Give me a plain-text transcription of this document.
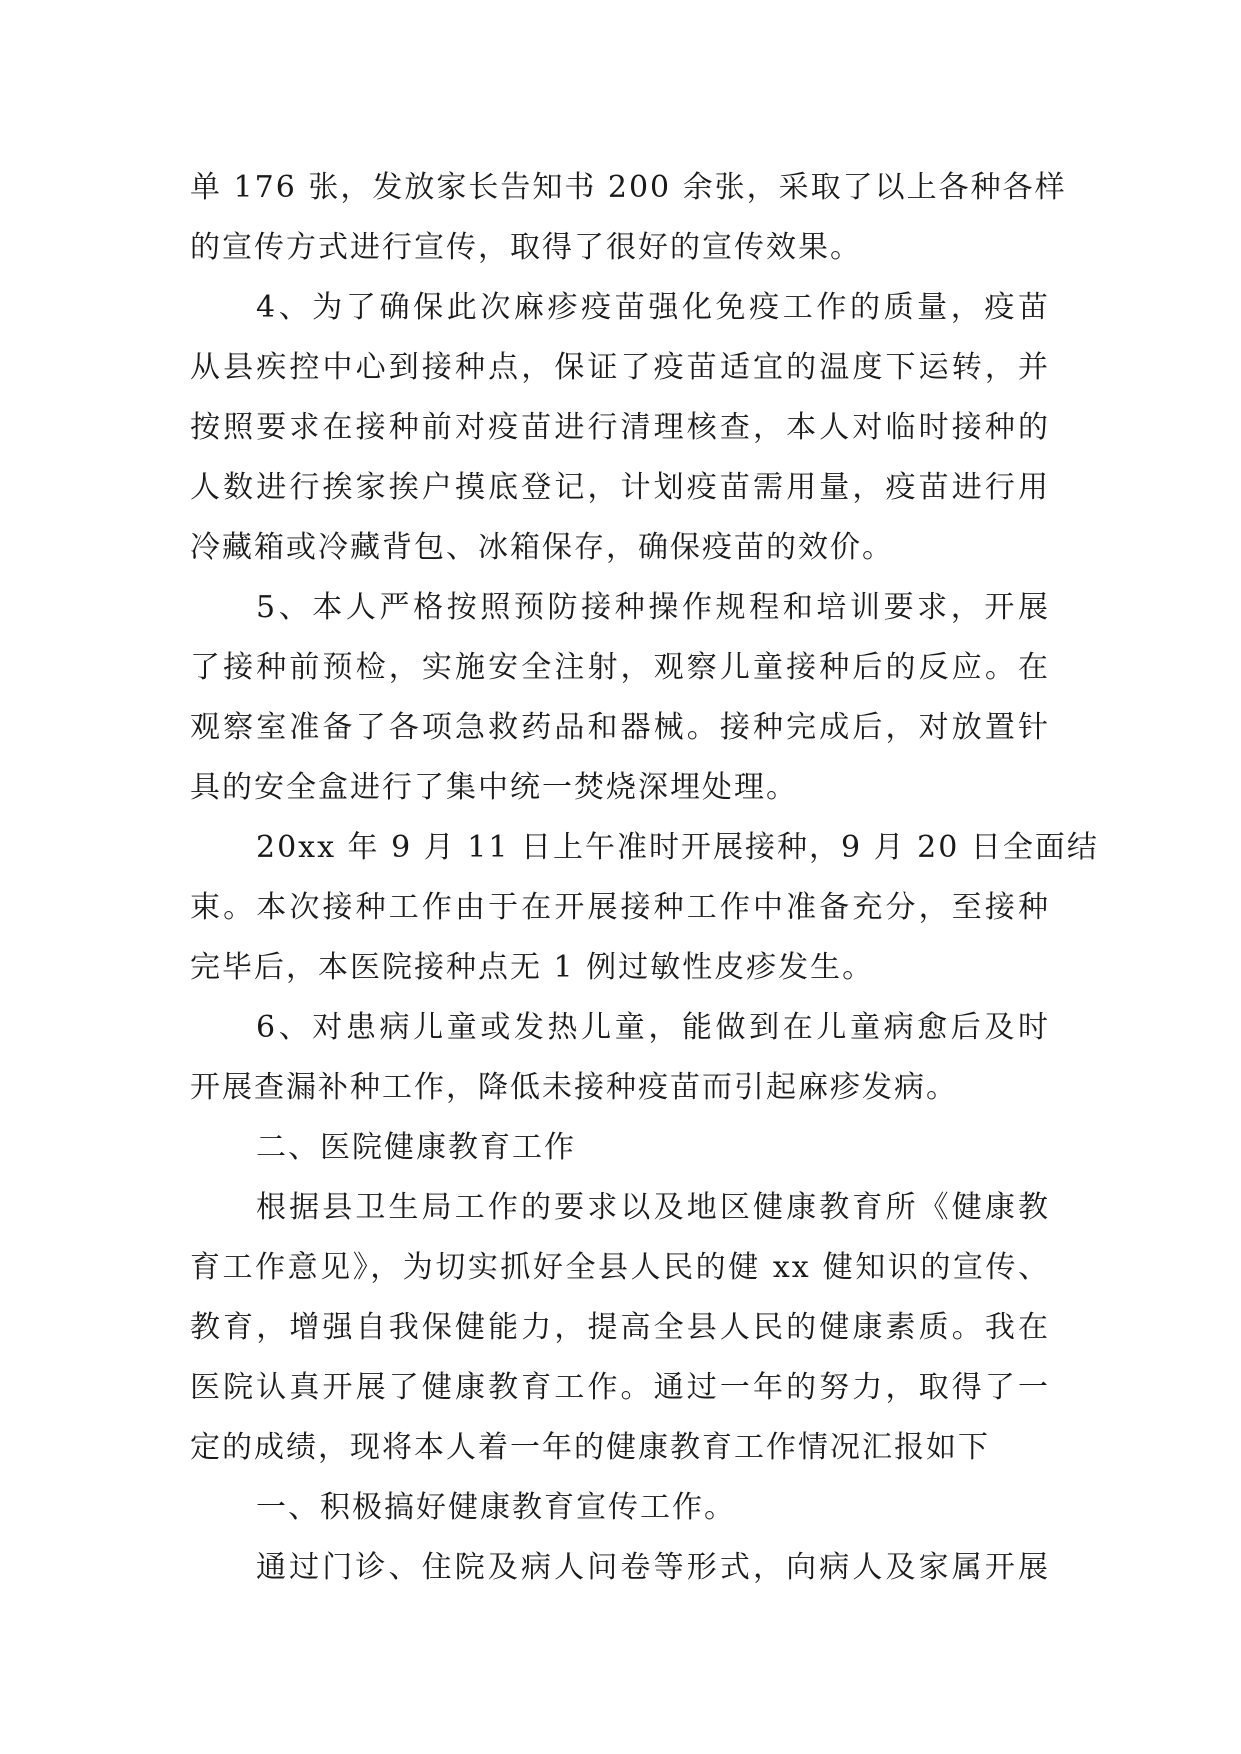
单 176 张，发放家长告知书 200 余张，采取了以上各种各样
的宣传方式进行宣传，取得了很好的宣传效果。
4、为了确保此次麻疹疫苗强化免疫工作的质量，疫苗
从县疾控中心到接种点，保证了疫苗适宜的温度下运转，并
按照要求在接种前对疫苗进行清理核查，本人对临时接种的
人数进行挨家挨户摸底登记，计划疫苗需用量，疫苗进行用
冷藏箱或冷藏背包、冰箱保存，确保疫苗的效价。
5、本人严格按照预防接种操作规程和培训要求，开展
了接种前预检，实施安全注射，观察儿童接种后的反应。在
观察室准备了各项急救药品和器械。接种完成后，对放置针
具的安全盒进行了集中统一焚烧深埋处理。
20xx 年 9 月 11 日上午准时开展接种，9 月 20 日全面结
束。本次接种工作由于在开展接种工作中准备充分，至接种
完毕后，本医院接种点无 1 例过敏性皮疹发生。
6、对患病儿童或发热儿童，能做到在儿童病愈后及时
开展查漏补种工作，降低未接种疫苗而引起麻疹发病。
二、医院健康教育工作
根据县卫生局工作的要求以及地区健康教育所《健康教
育工作意见》，为切实抓好全县人民的健 xx 健知识的宣传、
教育，增强自我保健能力，提高全县人民的健康素质。我在
医院认真开展了健康教育工作。通过一年的努力，取得了一
定的成绩，现将本人着一年的健康教育工作情况汇报如下
一、积极搞好健康教育宣传工作。
通过门诊、住院及病人问卷等形式，向病人及家属开展
